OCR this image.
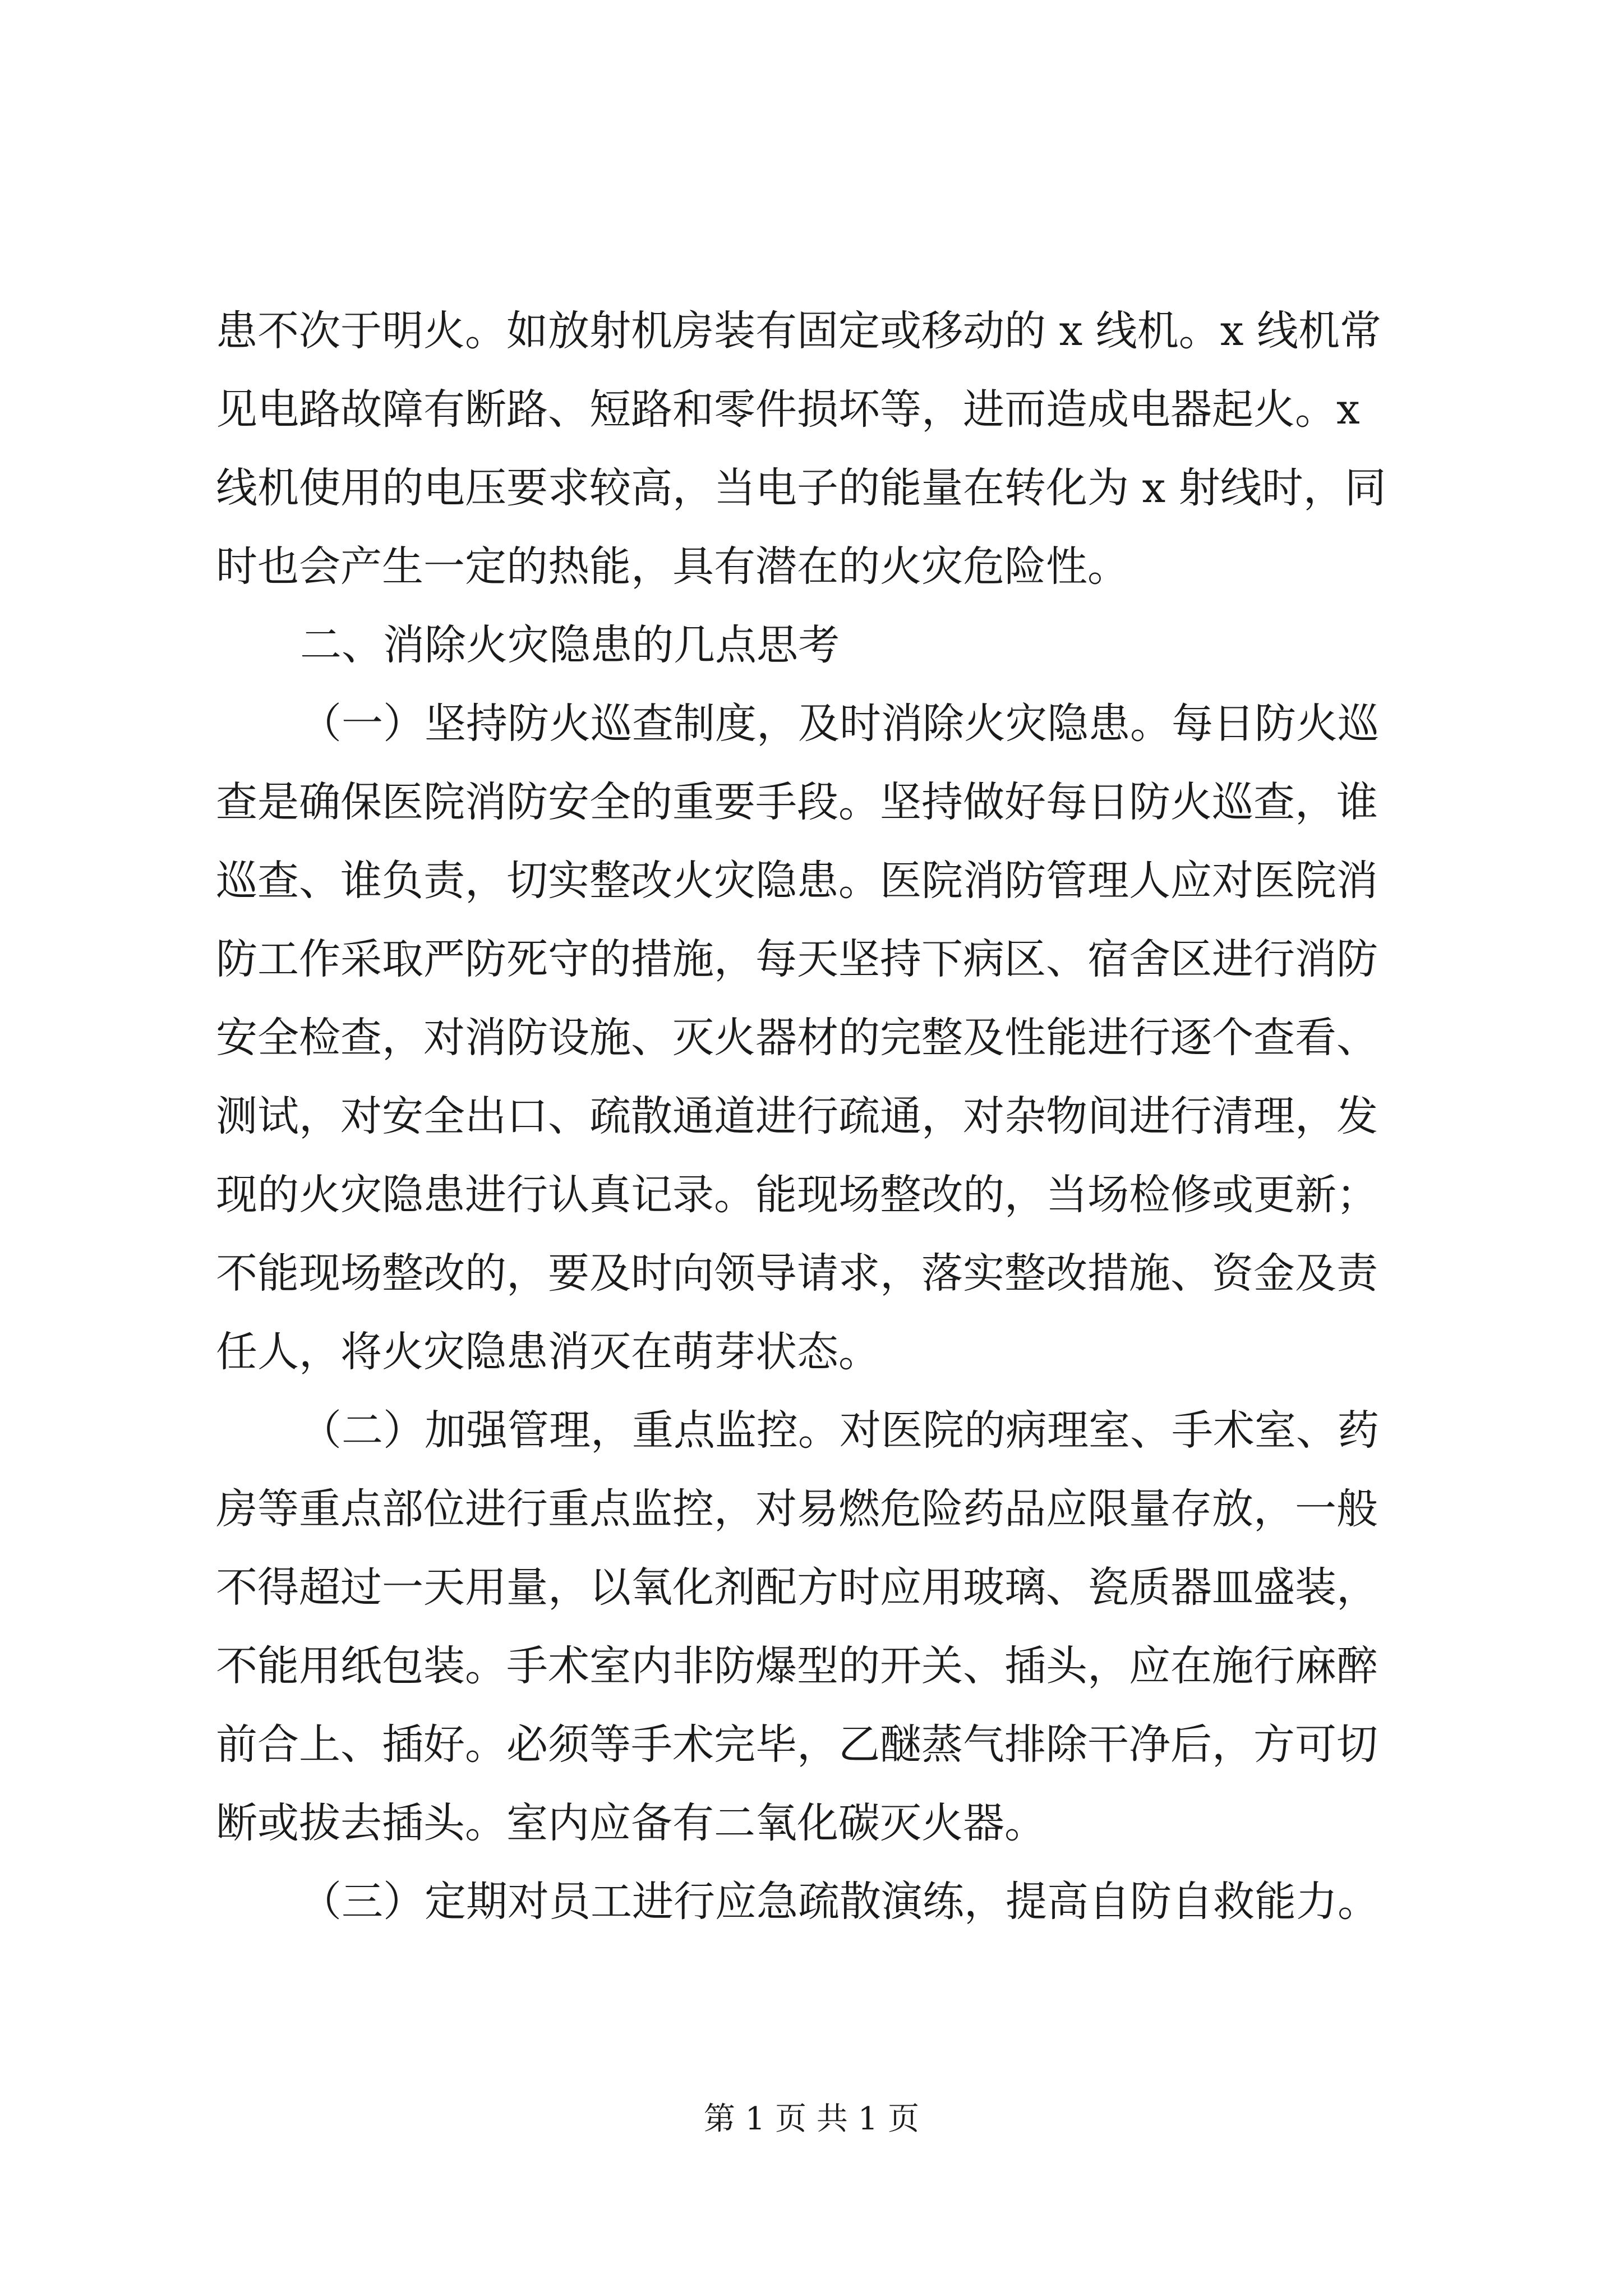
患不次于明火。如放射机房装有固定或移动的 x 线机。x 线机常
见电路故障有断路、短路和零件损坏等，进而造成电器起火。x
线机使用的电压要求较高，当电子的能量在转化为 x 射线时，同
时也会产生一定的热能，具有潜在的火灾危险性。
二、消除火灾隐患的几点思考
（一）坚持防火巡查制度，及时消除火灾隐患。每日防火巡
查是确保医院消防安全的重要手段。坚持做好每日防火巡查，谁
巡查、谁负责，切实整改火灾隐患。医院消防管理人应对医院消
防工作采取严防死守的措施，每天坚持下病区、宿舍区进行消防
安全检查，对消防设施、灭火器材的完整及性能进行逐个查看、
测试，对安全出口、疏散通道进行疏通，对杂物间进行清理，发
现的火灾隐患进行认真记录。能现场整改的，当场检修或更新；
不能现场整改的，要及时向领导请求，落实整改措施、资金及责
任人，将火灾隐患消灭在萌芽状态。
（二）加强管理，重点监控。对医院的病理室、手术室、药
房等重点部位进行重点监控，对易燃危险药品应限量存放，一般
不得超过一天用量，以氧化剂配方时应用玻璃、瓷质器皿盛装，
不能用纸包装。手术室内非防爆型的开关、插头，应在施行麻醉
前合上、插好。必须等手术完毕，乙醚蒸气排除干净后，方可切
断或拔去插头。室内应备有二氧化碳灭火器。
（三）定期对员工进行应急疏散演练，提高自防自救能力。
第 1 页 共 1 页
